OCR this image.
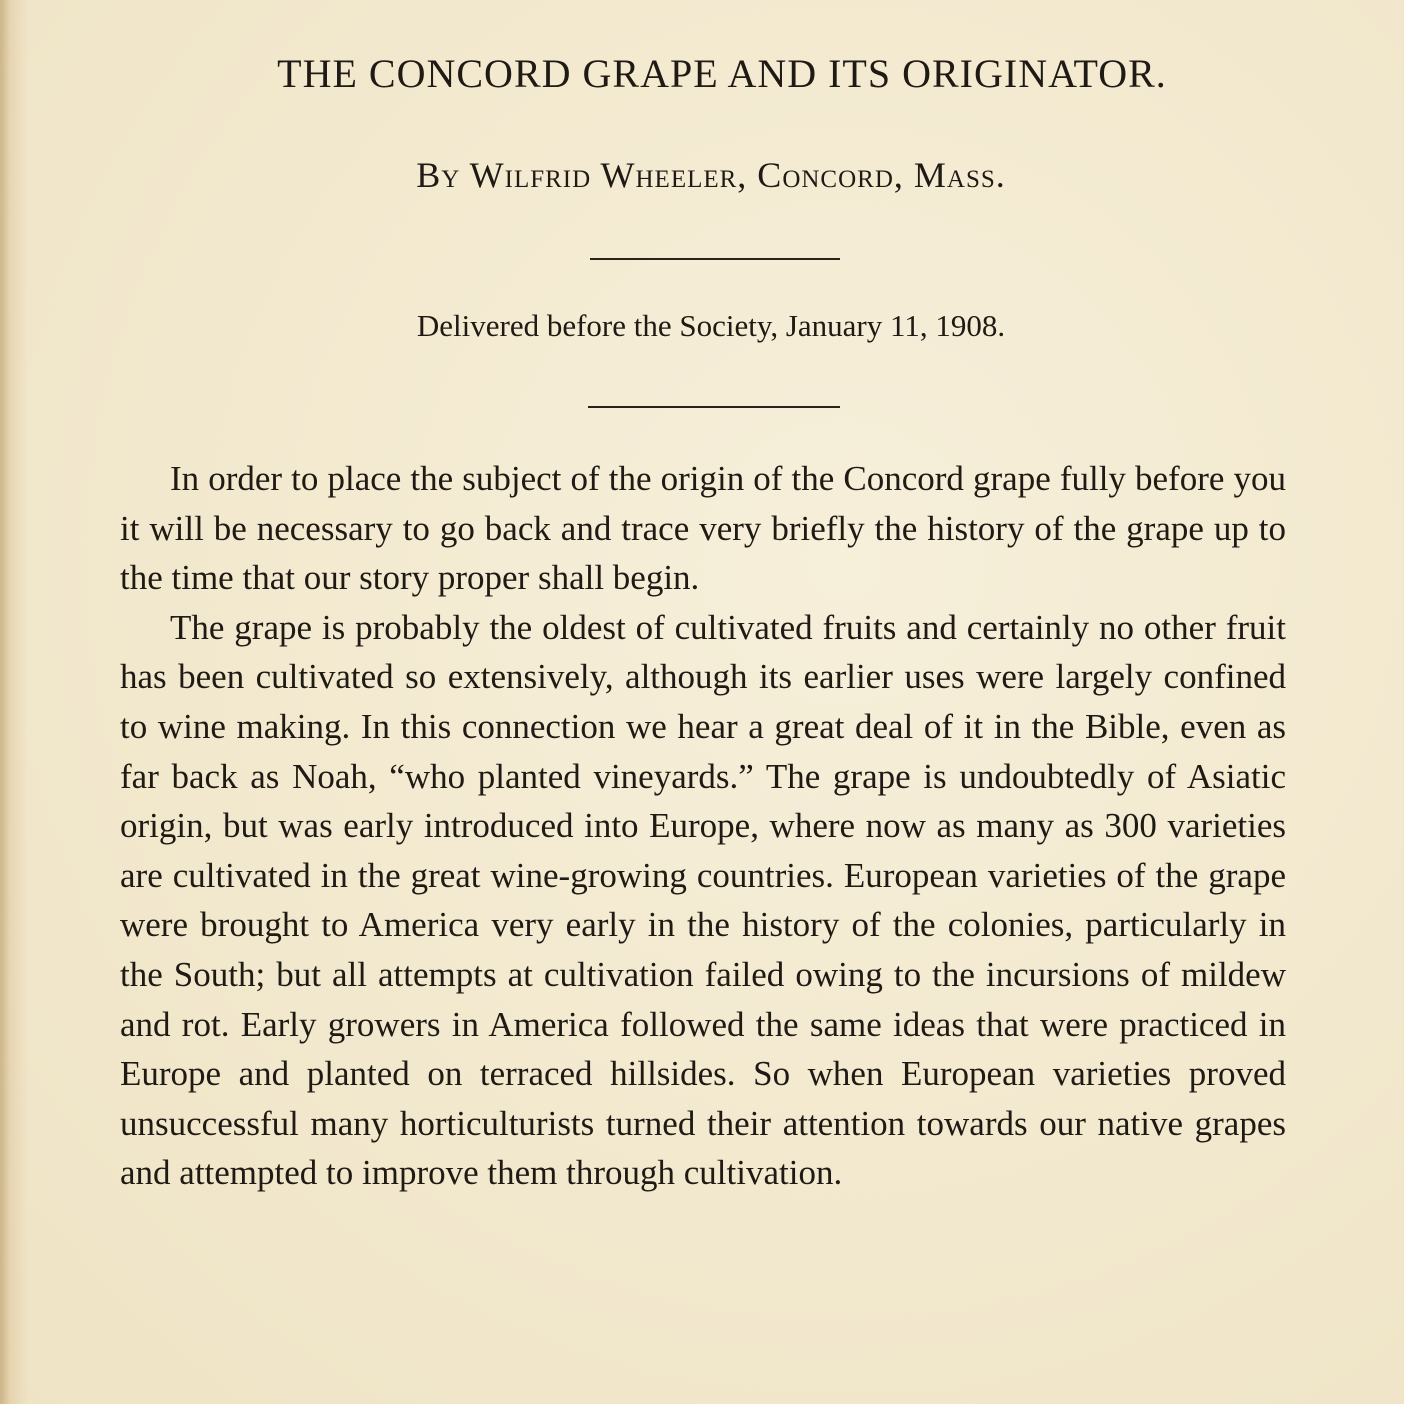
THE CONCORD GRAPE AND ITS ORIGINATOR.
By Wilfrid Wheeler, Concord, Mass.
Delivered before the Society, January 11, 1908.

In order to place the subject of the origin of the Concord grape fully before you it will be necessary to go back and trace very briefly the history of the grape up to the time that our story proper shall begin.

The grape is probably the oldest of cultivated fruits and certainly no other fruit has been cultivated so extensively, although its earlier uses were largely confined to wine making. In this connection we hear a great deal of it in the Bible, even as far back as Noah, “who planted vineyards.” The grape is undoubtedly of Asiatic origin, but was early introduced into Europe, where now as many as 300 varieties are cultivated in the great wine-growing countries. European varieties of the grape were brought to America very early in the history of the colonies, particularly in the South; but all attempts at cultivation failed owing to the incursions of mildew and rot. Early growers in America followed the same ideas that were practiced in Europe and planted on terraced hillsides. So when European varieties proved unsuccessful many horticulturists turned their attention towards our native grapes and attempted to improve them through cultivation.
